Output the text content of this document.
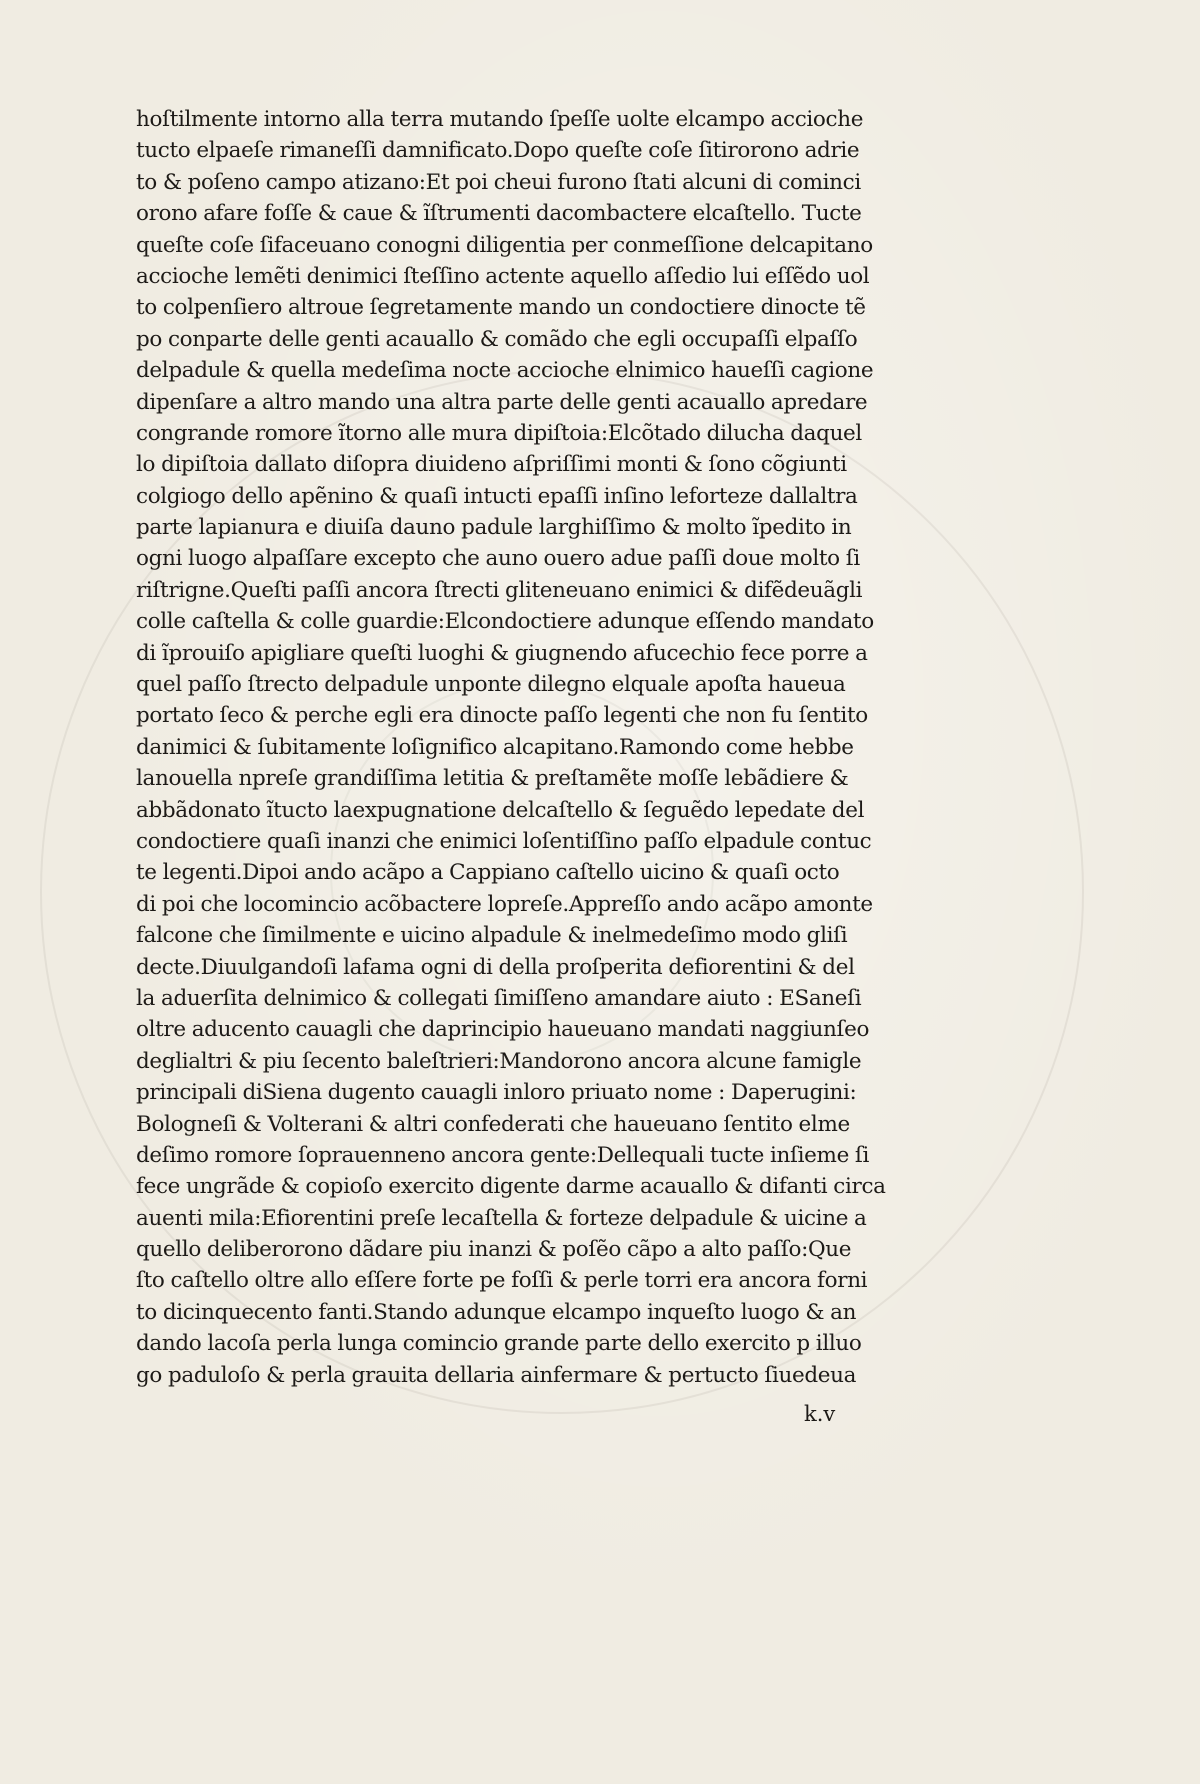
hoſtilmente intorno alla terra mutando ſpeſſe uolte elcampo accioche
tucto elpaeſe rimaneſſi damnificato.Dopo queſte coſe ſitirorono adrie
to & poſeno campo atizano:Et poi cheui furono ſtati alcuni di cominci
orono afare foſſe & caue & ĩſtrumenti dacombactere elcaſtello. Tucte
queſte coſe ſifaceuano conogni diligentia per conmeſſione delcapitano
accioche lemẽti denimici ſteſſino actente aquello aſſedio lui eſſẽdo uol
to colpenſiero altroue ſegretamente mando un condoctiere dinocte tẽ
po conparte delle genti acauallo & comãdo che egli occupaſſi elpaſſo
delpadule & quella medeſima nocte accioche elnimico haueſſi cagione
dipenſare a altro mando una altra parte delle genti acauallo apredare
congrande romore ĩtorno alle mura dipiſtoia:Elcõtado dilucha daquel
lo dipiſtoia dallato diſopra diuideno aſpriſſimi monti & ſono cõgiunti
colgiogo dello apẽnino & quaſi intucti epaſſi inſino leforteze dallaltra
parte lapianura e diuiſa dauno padule larghiſſimo & molto ĩpedito in
ogni luogo alpaſſare excepto che auno ouero adue paſſi doue molto ſi
riſtrigne.Queſti paſſi ancora ſtrecti gliteneuano enimici & difẽdeuãgli
colle caſtella & colle guardie:Elcondoctiere adunque eſſendo mandato
di ĩprouiſo apigliare queſti luoghi & giugnendo afucechio fece porre a
quel paſſo ſtrecto delpadule unponte dilegno elquale apoſta haueua
portato ſeco & perche egli era dinocte paſſo legenti che non fu ſentito
danimici & ſubitamente loſignifico alcapitano.Ramondo come hebbe
lanouella npreſe grandiſſima letitia & preſtamẽte moſſe lebãdiere &
abbãdonato ĩtucto laexpugnatione delcaſtello & ſeguẽdo lepedate del
condoctiere quaſi inanzi che enimici loſentiſſino paſſo elpadule contuc
te legenti.Dipoi ando acãpo a Cappiano caſtello uicino & quaſi octo
di poi che locomincio acõbactere lopreſe.Appreſſo ando acãpo amonte
falcone che ſimilmente e uicino alpadule & inelmedeſimo modo gliſi
decte.Diuulgandoſi lafama ogni di della proſperita defiorentini & del
la aduerſita delnimico & collegati ſimiſſeno amandare aiuto : ESaneſi
oltre aducento cauagli che daprincipio haueuano mandati naggiunſeo
deglialtri & piu ſecento baleſtrieri:Mandorono ancora alcune famigle
principali diSiena dugento cauagli inloro priuato nome : Daperugini:
Bologneſi & Volterani & altri confederati che haueuano ſentito elme
deſimo romore ſoprauenneno ancora gente:Dellequali tucte inſieme ſi
fece ungrãde & copioſo exercito digente darme acauallo & difanti circa
auenti mila:Efiorentini preſe lecaſtella & forteze delpadule & uicine a
quello deliberorono dãdare piu inanzi & poſẽo cãpo a alto paſſo:Que
ſto caſtello oltre allo eſſere forte pe foſſi & perle torri era ancora forni
to dicinquecento fanti.Standо adunque elcampo inqueſto luogo & an
dando lacoſa perla lunga comincio grande parte dello exercito p illuo
go paduloſo & perla grauita dellaria ainfermare & pertucto ſiuedeua
k.v
